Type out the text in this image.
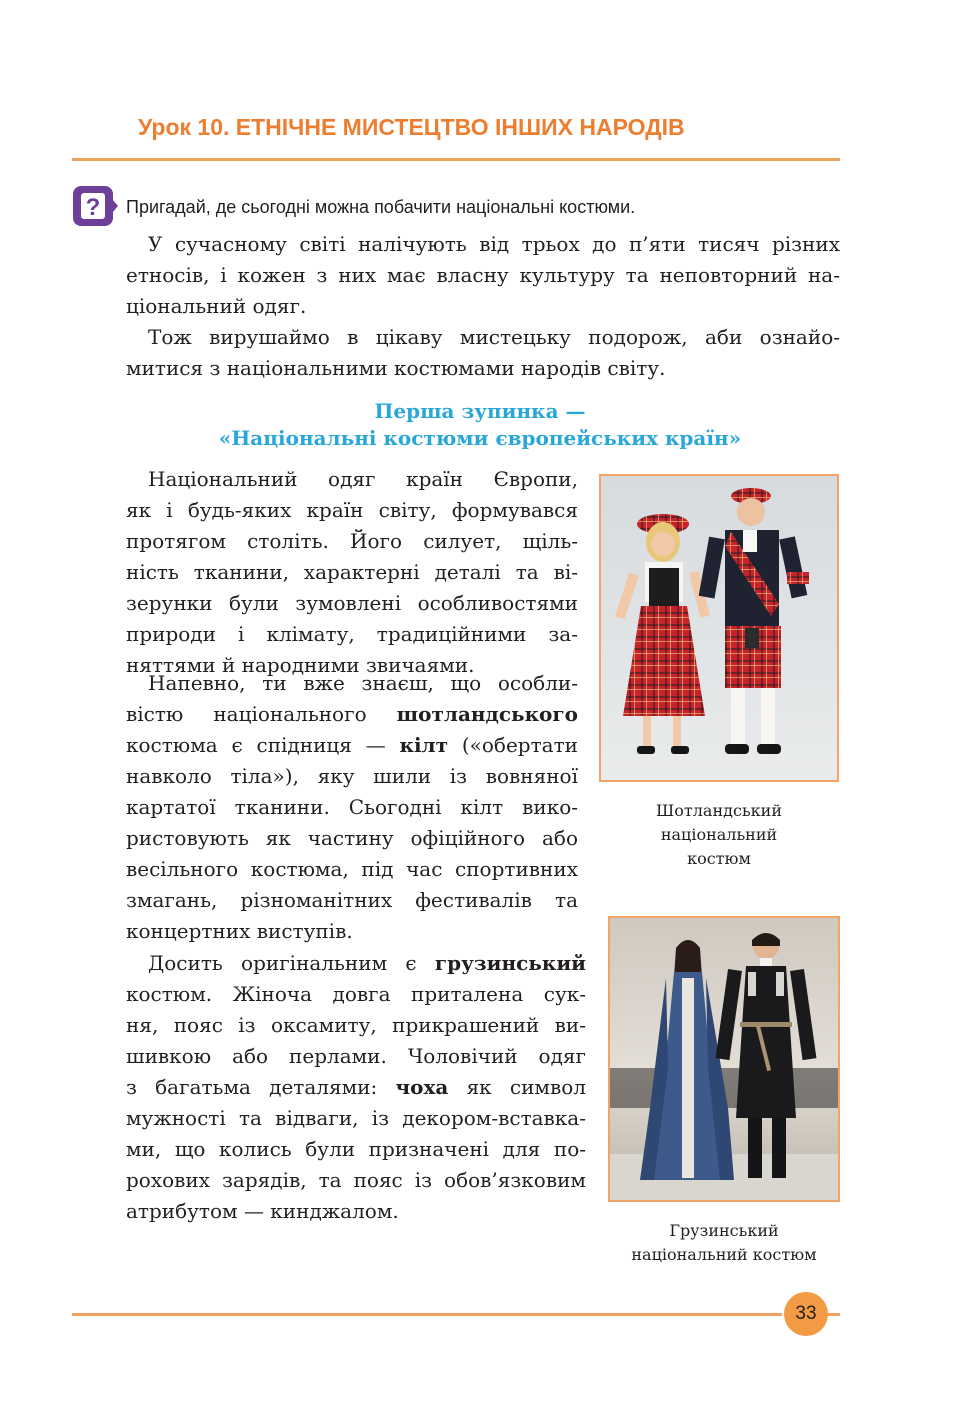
Урок 10. ЕТНІЧНЕ МИСТЕЦТВО ІНШИХ НАРОДІВ
? Пригадай, де сьогодні можна побачити національні костюми.
У сучасному світі налічують від трьох до п’яти тисяч різних
етносів, і кожен з них має власну культуру та неповторний на-
ціональний одяг.
Тож вирушаймо в цікаву мистецьку подорож, аби ознайо-
митися з національними костюмами народів світу.
Перша зупинка —
«Національні костюми європейських країн»
Національний одяг країн Європи,
як і будь-яких країн світу, формувався
протягом століть. Його силует, щіль-
ність тканини, характерні деталі та ві-
зерунки були зумовлені особливостями
природи і клімату, традиційними за-
няттями й народними звичаями.
Напевно, ти вже знаєш, що особли-
вістю національного шотландського
костюма є спідниця — кілт («обертати
навколо тіла»), яку шили із вовняної
картатої тканини. Сьогодні кілт вико-
ристовують як частину офіційного або
весільного костюма, під час спортивних
змагань, різноманітних фестивалів та
концертних виступів.
Досить оригінальним є грузинський
костюм. Жіноча довга приталена сук-
ня, пояс із оксамиту, прикрашений ви-
шивкою або перлами. Чоловічий одяг
з багатьма деталями: чоха як символ
мужності та відваги, із декором-вставка-
ми, що колись були призначені для по-
рохових зарядів, та пояс із обов’язковим
атрибутом — кинджалом.
Шотландський
національний
костюм
Грузинський
національний костюм
33
